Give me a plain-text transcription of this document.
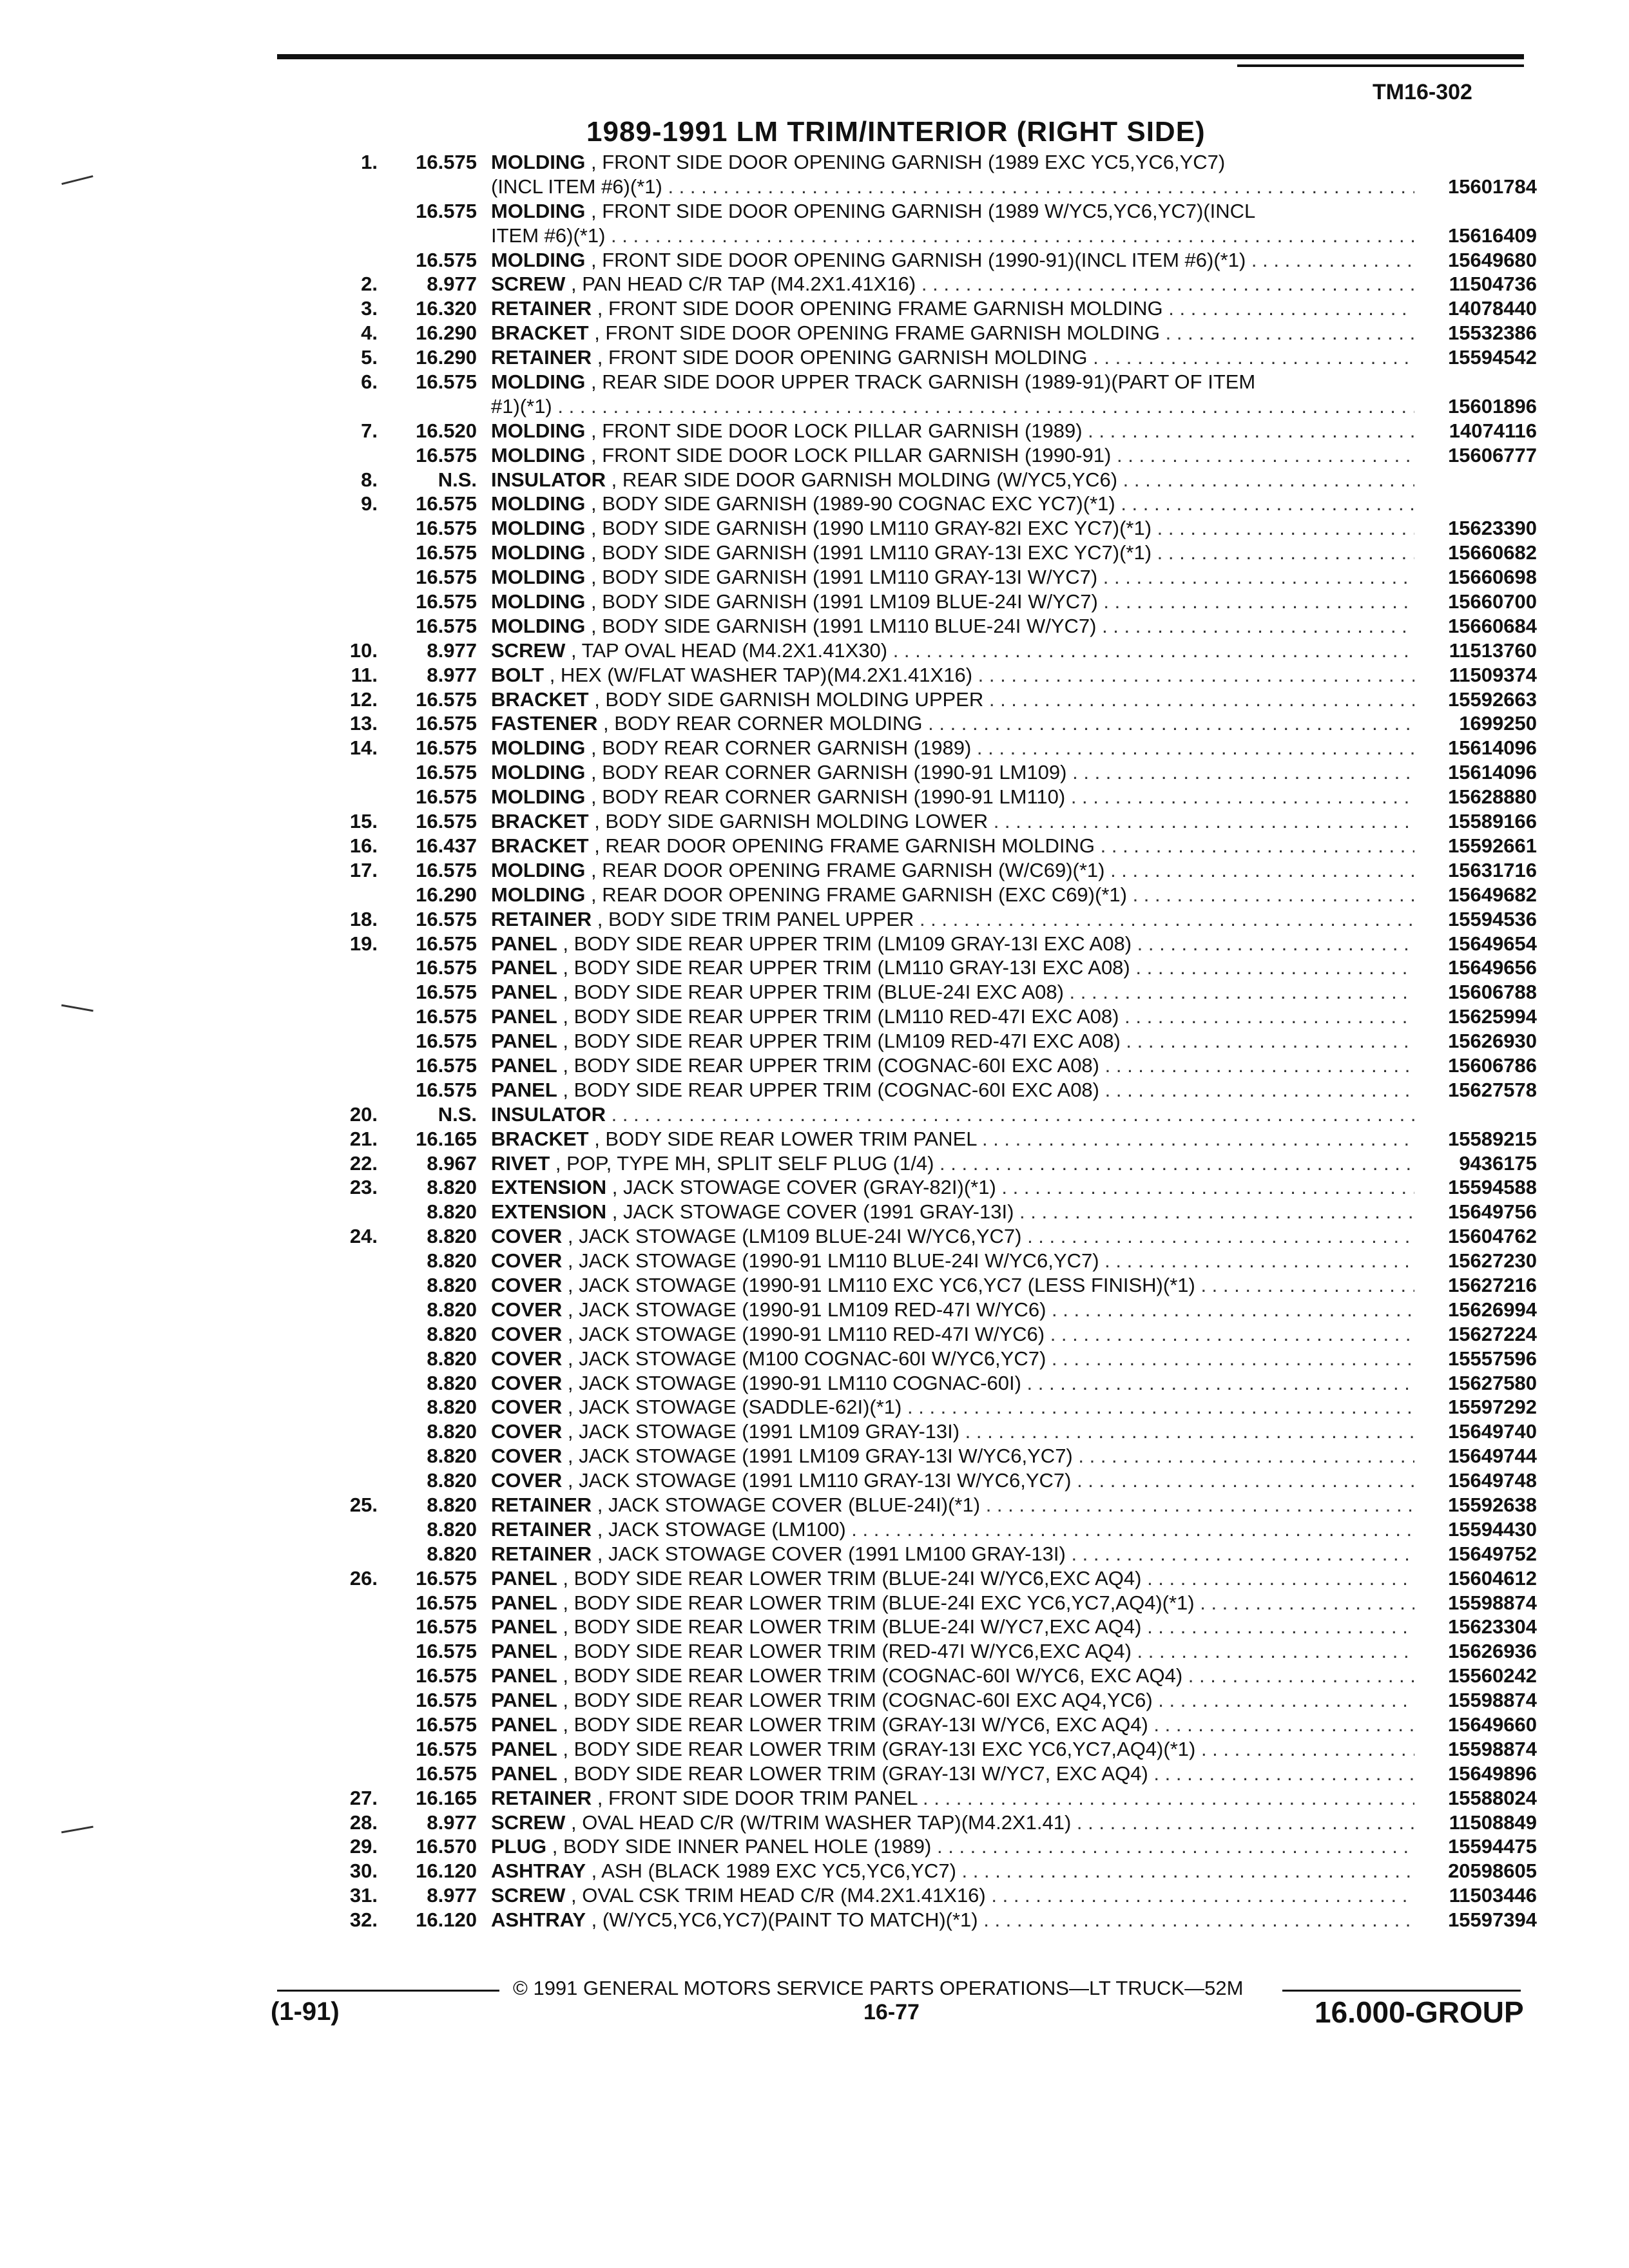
TM16-302
1989-1991 LM TRIM/INTERIOR (RIGHT SIDE)
1. 16.575 MOLDING , FRONT SIDE DOOR OPENING GARNISH (1989 EXC YC5,YC6,YC7)
(INCL ITEM #6)(*1) . . .	15601784
16.575 MOLDING , FRONT SIDE DOOR OPENING GARNISH (1989 W/YC5,YC6,YC7)(INCL
ITEM #6)(*1) . . .	15616409
16.575 MOLDING , FRONT SIDE DOOR OPENING GARNISH (1990-91)(INCL ITEM #6)(*1) . . .	15649680
2. 8.977 SCREW , PAN HEAD C/R TAP (M4.2X1.41X16) . . .	11504736
3. 16.320 RETAINER , FRONT SIDE DOOR OPENING FRAME GARNISH MOLDING . . .	14078440
4. 16.290 BRACKET , FRONT SIDE DOOR OPENING FRAME GARNISH MOLDING . . .	15532386
5. 16.290 RETAINER , FRONT SIDE DOOR OPENING GARNISH MOLDING . . .	15594542
6. 16.575 MOLDING , REAR SIDE DOOR UPPER TRACK GARNISH (1989-91)(PART OF ITEM
#1)(*1) . . .	15601896
7. 16.520 MOLDING , FRONT SIDE DOOR LOCK PILLAR GARNISH (1989) . . .	14074116
16.575 MOLDING , FRONT SIDE DOOR LOCK PILLAR GARNISH (1990-91) . . .	15606777
8.	N.S. INSULATOR , REAR SIDE DOOR GARNISH MOLDING (W/YC5,YC6) . . .
9. 16.575 MOLDING , BODY SIDE GARNISH (1989-90 COGNAC EXC YC7)(*1) . . .
16.575 MOLDING , BODY SIDE GARNISH (1990 LM110 GRAY-82I EXC YC7)(*1) . . .	15623390
16.575 MOLDING , BODY SIDE GARNISH (1991 LM110 GRAY-13I EXC YC7)(*1) . . .	15660682
16.575 MOLDING , BODY SIDE GARNISH (1991 LM110 GRAY-13I W/YC7) . . .	15660698
16.575 MOLDING , BODY SIDE GARNISH (1991 LM109 BLUE-24I W/YC7) . . .	15660700
16.575 MOLDING , BODY SIDE GARNISH (1991 LM110 BLUE-24I W/YC7) . . .	15660684
10. 8.977 SCREW , TAP OVAL HEAD (M4.2X1.41X30) . . .	11513760
11. 8.977 BOLT , HEX (W/FLAT WASHER TAP)(M4.2X1.41X16) . . .	11509374
12. 16.575 BRACKET , BODY SIDE GARNISH MOLDING UPPER . . .	15592663
13. 16.575 FASTENER , BODY REAR CORNER MOLDING . . .	1699250
14. 16.575 MOLDING , BODY REAR CORNER GARNISH (1989) . . .	15614096
16.575 MOLDING , BODY REAR CORNER GARNISH (1990-91 LM109) . . .	15614096
16.575 MOLDING , BODY REAR CORNER GARNISH (1990-91 LM110) . . .	15628880
15. 16.575 BRACKET , BODY SIDE GARNISH MOLDING LOWER . . .	15589166
16. 16.437 BRACKET , REAR DOOR OPENING FRAME GARNISH MOLDING . . .	15592661
17. 16.575 MOLDING , REAR DOOR OPENING FRAME GARNISH (W/C69)(*1) . . .	15631716
16.290 MOLDING , REAR DOOR OPENING FRAME GARNISH (EXC C69)(*1) . . .	15649682
18. 16.575 RETAINER , BODY SIDE TRIM PANEL UPPER . . .	15594536
19. 16.575 PANEL , BODY SIDE REAR UPPER TRIM (LM109 GRAY-13I EXC A08) . . .	15649654
16.575 PANEL , BODY SIDE REAR UPPER TRIM (LM110 GRAY-13I EXC A08) . . .	15649656
16.575 PANEL , BODY SIDE REAR UPPER TRIM (BLUE-24I EXC A08) . . .	15606788
16.575 PANEL , BODY SIDE REAR UPPER TRIM (LM110 RED-47I EXC A08) . . .	15625994
16.575 PANEL , BODY SIDE REAR UPPER TRIM (LM109 RED-47I EXC A08) . . .	15626930
16.575 PANEL , BODY SIDE REAR UPPER TRIM (COGNAC-60I EXC A08) . . .	15606786
16.575 PANEL , BODY SIDE REAR UPPER TRIM (COGNAC-60I EXC A08) . . .	15627578
20.	N.S. INSULATOR . . .
21. 16.165 BRACKET , BODY SIDE REAR LOWER TRIM PANEL . . .	15589215
22. 8.967 RIVET , POP, TYPE MH, SPLIT SELF PLUG (1/4) . . .	9436175
23. 8.820 EXTENSION , JACK STOWAGE COVER (GRAY-82I)(*1) . . .	15594588
8.820 EXTENSION , JACK STOWAGE COVER (1991 GRAY-13I) . . .	15649756
24. 8.820 COVER , JACK STOWAGE (LM109 BLUE-24I W/YC6,YC7) . . .	15604762
8.820 COVER , JACK STOWAGE (1990-91 LM110 BLUE-24I W/YC6,YC7) . . .	15627230
8.820 COVER , JACK STOWAGE (1990-91 LM110 EXC YC6,YC7 (LESS FINISH)(*1) . . .	15627216
8.820 COVER , JACK STOWAGE (1990-91 LM109 RED-47I W/YC6) . . .	15626994
8.820 COVER , JACK STOWAGE (1990-91 LM110 RED-47I W/YC6) . . .	15627224
8.820 COVER , JACK STOWAGE (M100 COGNAC-60I W/YC6,YC7) . . .	15557596
8.820 COVER , JACK STOWAGE (1990-91 LM110 COGNAC-60I) . . .	15627580
8.820 COVER , JACK STOWAGE (SADDLE-62I)(*1) . . .	15597292
8.820 COVER , JACK STOWAGE (1991 LM109 GRAY-13I) . . .	15649740
8.820 COVER , JACK STOWAGE (1991 LM109 GRAY-13I W/YC6,YC7) . . .	15649744
8.820 COVER , JACK STOWAGE (1991 LM110 GRAY-13I W/YC6,YC7) . . .	15649748
25. 8.820 RETAINER , JACK STOWAGE COVER (BLUE-24I)(*1) . . .	15592638
8.820 RETAINER , JACK STOWAGE (LM100) . . .	15594430
8.820 RETAINER , JACK STOWAGE COVER (1991 LM100 GRAY-13I) . . .	15649752
26. 16.575 PANEL , BODY SIDE REAR LOWER TRIM (BLUE-24I W/YC6,EXC AQ4) . . .	15604612
16.575 PANEL , BODY SIDE REAR LOWER TRIM (BLUE-24I EXC YC6,YC7,AQ4)(*1) . . .	15598874
16.575 PANEL , BODY SIDE REAR LOWER TRIM (BLUE-24I W/YC7,EXC AQ4) . . .	15623304
16.575 PANEL , BODY SIDE REAR LOWER TRIM (RED-47I W/YC6,EXC AQ4) . . .	15626936
16.575 PANEL , BODY SIDE REAR LOWER TRIM (COGNAC-60I W/YC6, EXC AQ4) . . .	15560242
16.575 PANEL , BODY SIDE REAR LOWER TRIM (COGNAC-60I EXC AQ4,YC6) . . .	15598874
16.575 PANEL , BODY SIDE REAR LOWER TRIM (GRAY-13I W/YC6, EXC AQ4) . . .	15649660
16.575 PANEL , BODY SIDE REAR LOWER TRIM (GRAY-13I EXC YC6,YC7,AQ4)(*1) . . .	15598874
16.575 PANEL , BODY SIDE REAR LOWER TRIM (GRAY-13I W/YC7, EXC AQ4) . . .	15649896
27. 16.165 RETAINER , FRONT SIDE DOOR TRIM PANEL . . .	15588024
28. 8.977 SCREW , OVAL HEAD C/R (W/TRIM WASHER TAP)(M4.2X1.41) . . .	11508849
29. 16.570 PLUG , BODY SIDE INNER PANEL HOLE (1989) . . .	15594475
30. 16.120 ASHTRAY , ASH (BLACK 1989 EXC YC5,YC6,YC7) . . .	20598605
31. 8.977 SCREW , OVAL CSK TRIM HEAD C/R (M4.2X1.41X16) . . .	11503446
32. 16.120 ASHTRAY , (W/YC5,YC6,YC7)(PAINT TO MATCH)(*1) . . .	15597394
© 1991 GENERAL MOTORS SERVICE PARTS OPERATIONS—LT TRUCK—52M
(1-91)	16-77	16.000-GROUP
